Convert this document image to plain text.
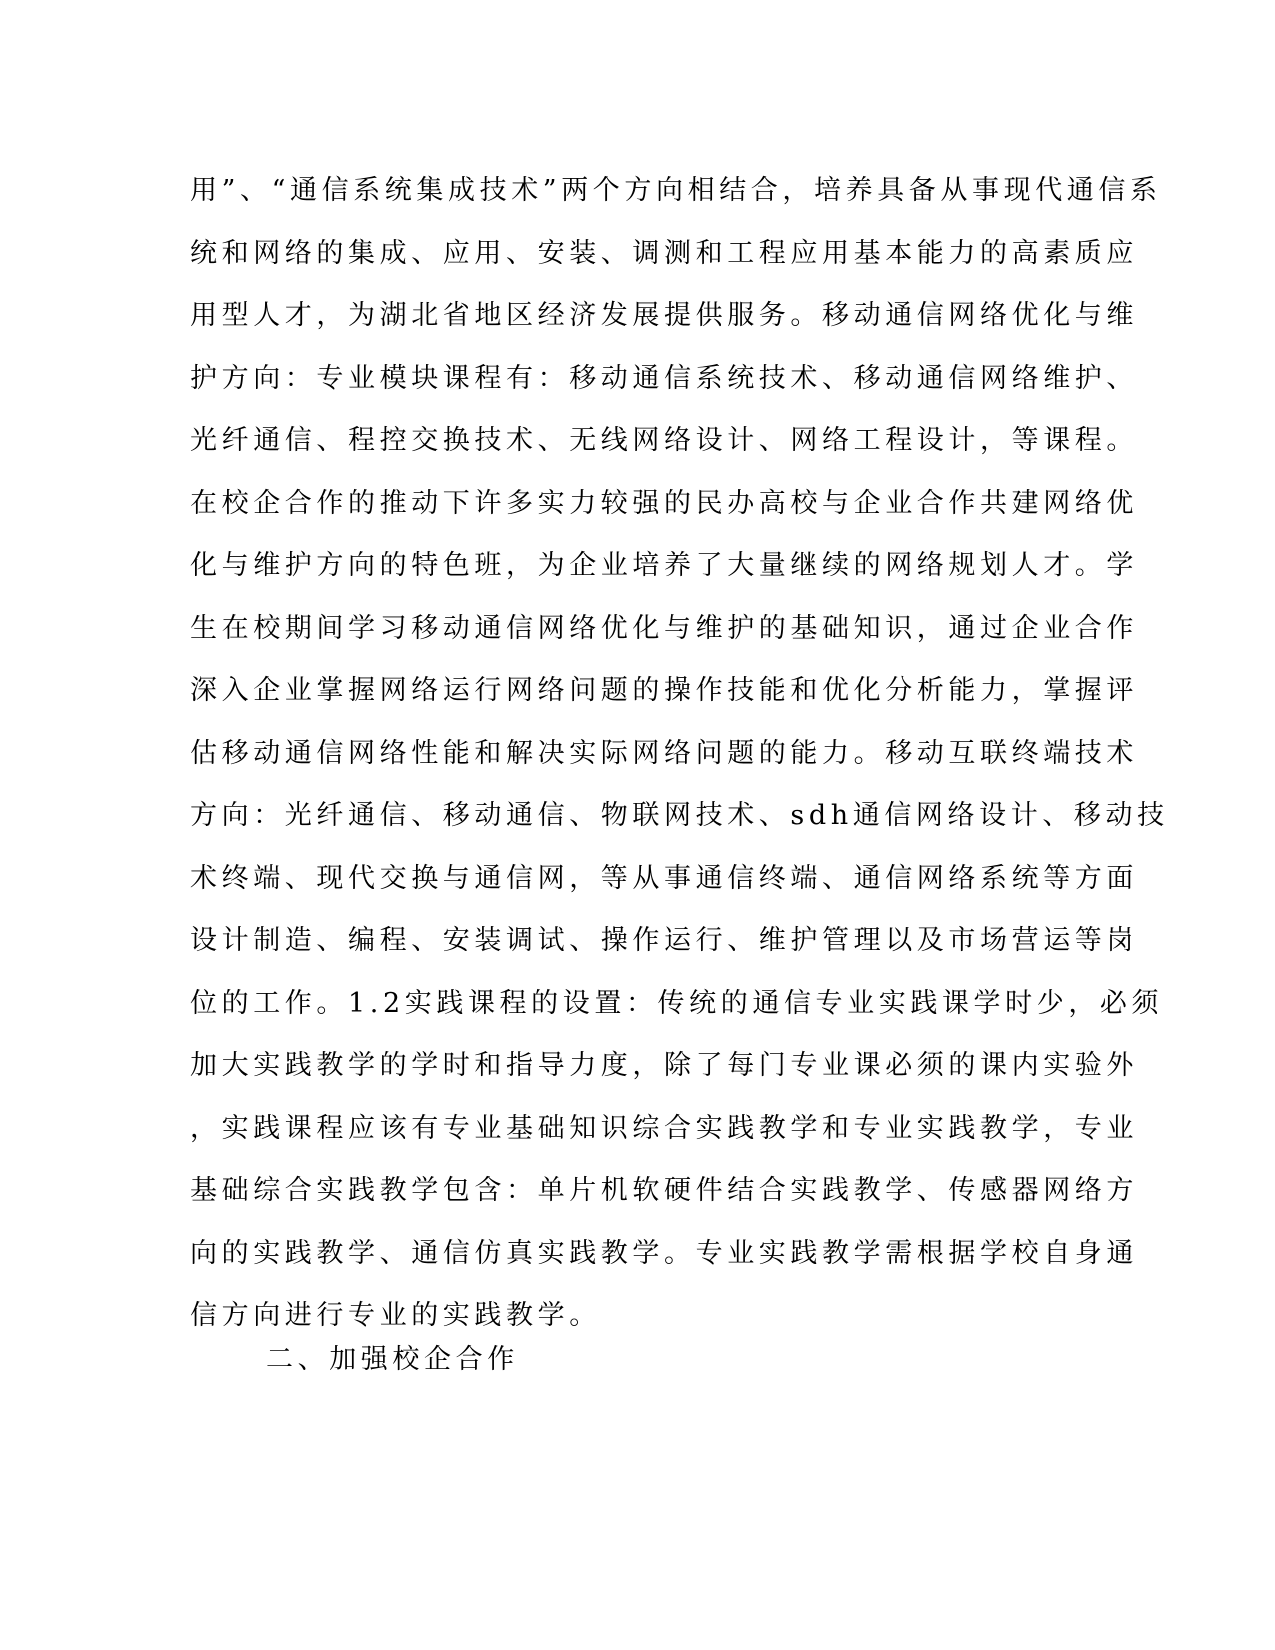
用”、“通信系统集成技术”两个方向相结合，培养具备从事现代通信系
统和网络的集成、应用、安装、调测和工程应用基本能力的高素质应
用型人才，为湖北省地区经济发展提供服务。移动通信网络优化与维
护方向：专业模块课程有：移动通信系统技术、移动通信网络维护、
光纤通信、程控交换技术、无线网络设计、网络工程设计，等课程。
在校企合作的推动下许多实力较强的民办高校与企业合作共建网络优
化与维护方向的特色班，为企业培养了大量继续的网络规划人才。学
生在校期间学习移动通信网络优化与维护的基础知识，通过企业合作
深入企业掌握网络运行网络问题的操作技能和优化分析能力，掌握评
估移动通信网络性能和解决实际网络问题的能力。移动互联终端技术
方向：光纤通信、移动通信、物联网技术、sdh通信网络设计、移动技
术终端、现代交换与通信网，等从事通信终端、通信网络系统等方面
设计制造、编程、安装调试、操作运行、维护管理以及市场营运等岗
位的工作。1.2实践课程的设置：传统的通信专业实践课学时少，必须
加大实践教学的学时和指导力度，除了每门专业课必须的课内实验外
，实践课程应该有专业基础知识综合实践教学和专业实践教学，专业
基础综合实践教学包含：单片机软硬件结合实践教学、传感器网络方
向的实践教学、通信仿真实践教学。专业实践教学需根据学校自身通
信方向进行专业的实践教学。
二、加强校企合作
